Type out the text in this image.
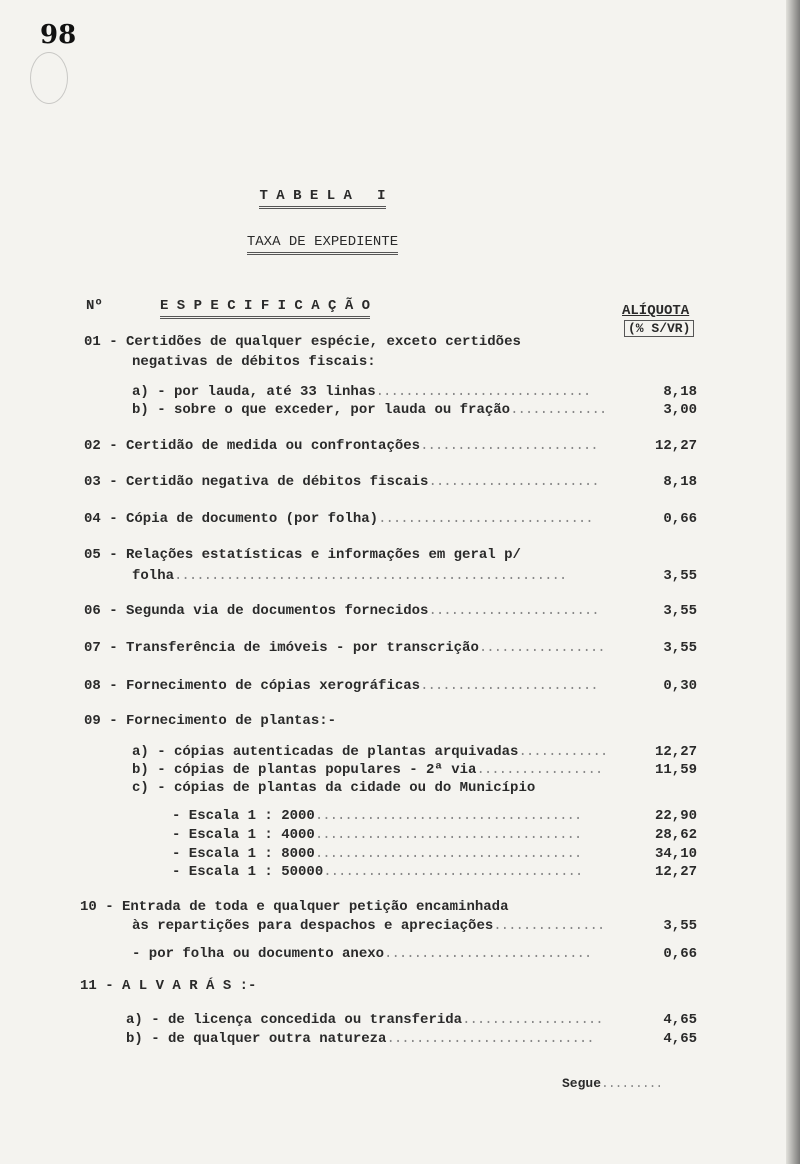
98
T A B E L A   I
TAXA DE EXPEDIENTE
Nº	E S P E C I F I C A Ç Ã O	ALÍQUOTA
(% S/VR)
01 - Certidões de qualquer espécie, exceto certidões
negativas de débitos fiscais:
a) - por lauda, até 33 linhas.............................	8,18
b) - sobre o que exceder, por lauda ou fração.............	3,00
02 - Certidão de medida ou confrontações........................	12,27
03 - Certidão negativa de débitos fiscais.......................	8,18
04 - Cópia de documento (por folha).............................	0,66
05 - Relações estatísticas e informações em geral p/
folha.....................................................	3,55
06 - Segunda via de documentos fornecidos.......................	3,55
07 - Transferência de imóveis - por transcrição.................	3,55
08 - Fornecimento de cópias xerográficas........................	0,30
09 - Fornecimento de plantas:-
a) - cópias autenticadas de plantas arquivadas............	12,27
b) - cópias de plantas populares - 2ª via.................	11,59
c) - cópias de plantas da cidade ou do Município
- Escala 1 : 2000....................................	22,90
- Escala 1 : 4000....................................	28,62
- Escala 1 : 8000....................................	34,10
- Escala 1 : 50000...................................	12,27
10 - Entrada de toda e qualquer petição encaminhada
às repartições para despachos e apreciações...............	3,55
- por folha ou documento anexo............................	0,66
11 - A L V A R Á S :-
a) - de licença concedida ou transferida...................	4,65
b) - de qualquer outra natureza............................	4,65
Segue.........
